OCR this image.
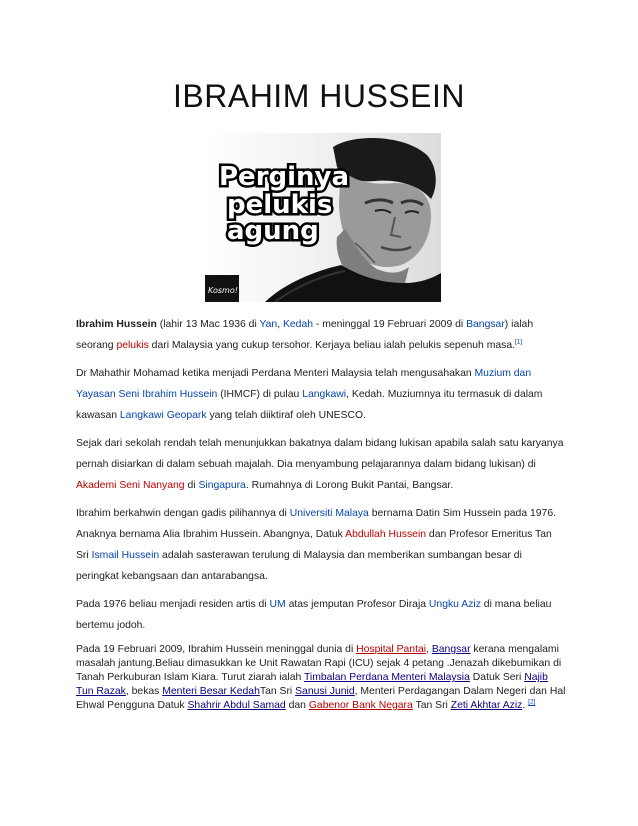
IBRAHIM HUSSEIN
Perginya
pelukis
agung
Kosmo!

Ibrahim Hussein (lahir 13 Mac 1936 di Yan, Kedah - meninggal 19 Februari 2009 di Bangsar) ialah seorang pelukis dari Malaysia yang cukup tersohor. Kerjaya beliau ialah pelukis sepenuh masa.[1]

Dr Mahathir Mohamad ketika menjadi Perdana Menteri Malaysia telah mengusahakan Muzium dan Yayasan Seni Ibrahim Hussein (IHMCF) di pulau Langkawi, Kedah. Muziumnya itu termasuk di dalam kawasan Langkawi Geopark yang telah diiktiraf oleh UNESCO.

Sejak dari sekolah rendah telah menunjukkan bakatnya dalam bidang lukisan apabila salah satu karyanya pernah disiarkan di dalam sebuah majalah. Dia menyambung pelajarannya dalam bidang lukisan) di Akademi Seni Nanyang di Singapura. Rumahnya di Lorong Bukit Pantai, Bangsar.

Ibrahim berkahwin dengan gadis pilihannya di Universiti Malaya bernama Datin Sim Hussein pada 1976. Anaknya bernama Alia Ibrahim Hussein. Abangnya, Datuk Abdullah Hussein dan Profesor Emeritus Tan Sri Ismail Hussein adalah sasterawan terulung di Malaysia dan memberikan sumbangan besar di peringkat kebangsaan dan antarabangsa.

Pada 1976 beliau menjadi residen artis di UM atas jemputan Profesor Diraja Ungku Aziz di mana beliau bertemu jodoh.

Pada 19 Februari 2009, Ibrahim Hussein meninggal dunia di Hospital Pantai, Bangsar kerana mengalami masalah jantung.Beliau dimasukkan ke Unit Rawatan Rapi (ICU) sejak 4 petang .Jenazah dikebumikan di Tanah Perkuburan Islam Kiara. Turut ziarah ialah Timbalan Perdana Menteri Malaysia Datuk Seri Najib Tun Razak, bekas Menteri Besar KedahTan Sri Sanusi Junid, Menteri Perdagangan Dalam Negeri dan Hal Ehwal Pengguna Datuk Shahrir Abdul Samad dan Gabenor Bank Negara Tan Sri Zeti Akhtar Aziz. [2]
